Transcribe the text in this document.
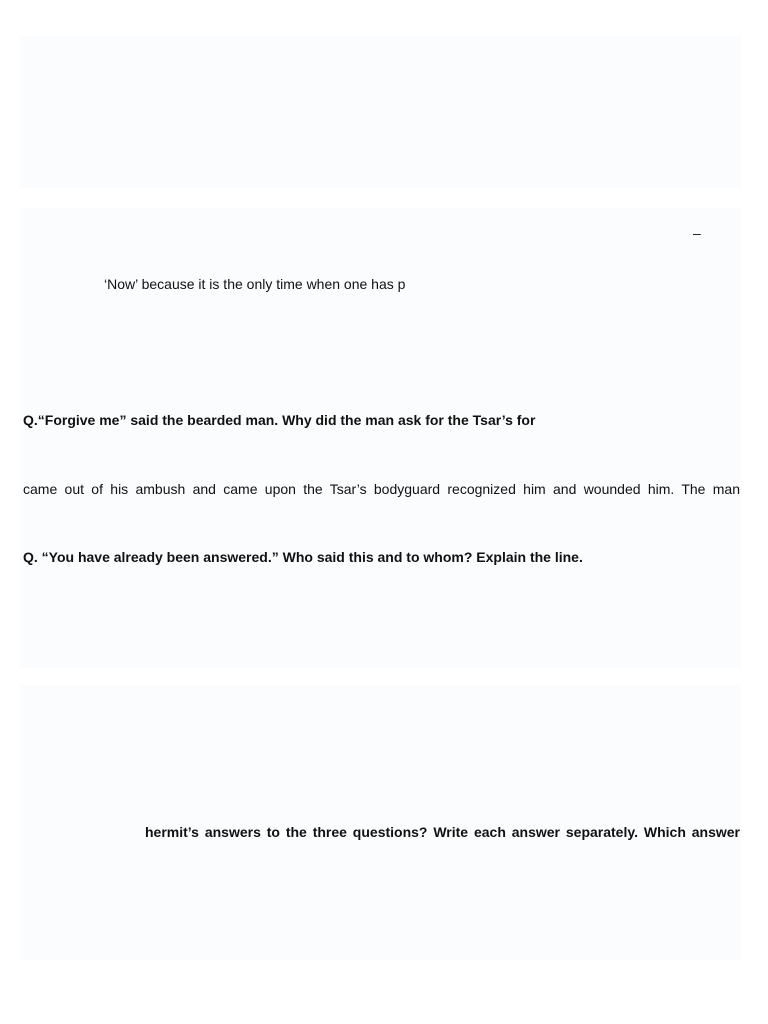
–

‘Now’ because it is the only time when one has p

Q.“Forgive me” said the bearded man. Why did the man ask for the Tsar’s for

came out of his ambush and came upon the Tsar’s bodyguard recognized him and wounded him. The man

Q. “You have already been answered.” Who said this and to whom? Explain the line.

hermit’s answers to the three questions? Write each answer separately. Which answer
